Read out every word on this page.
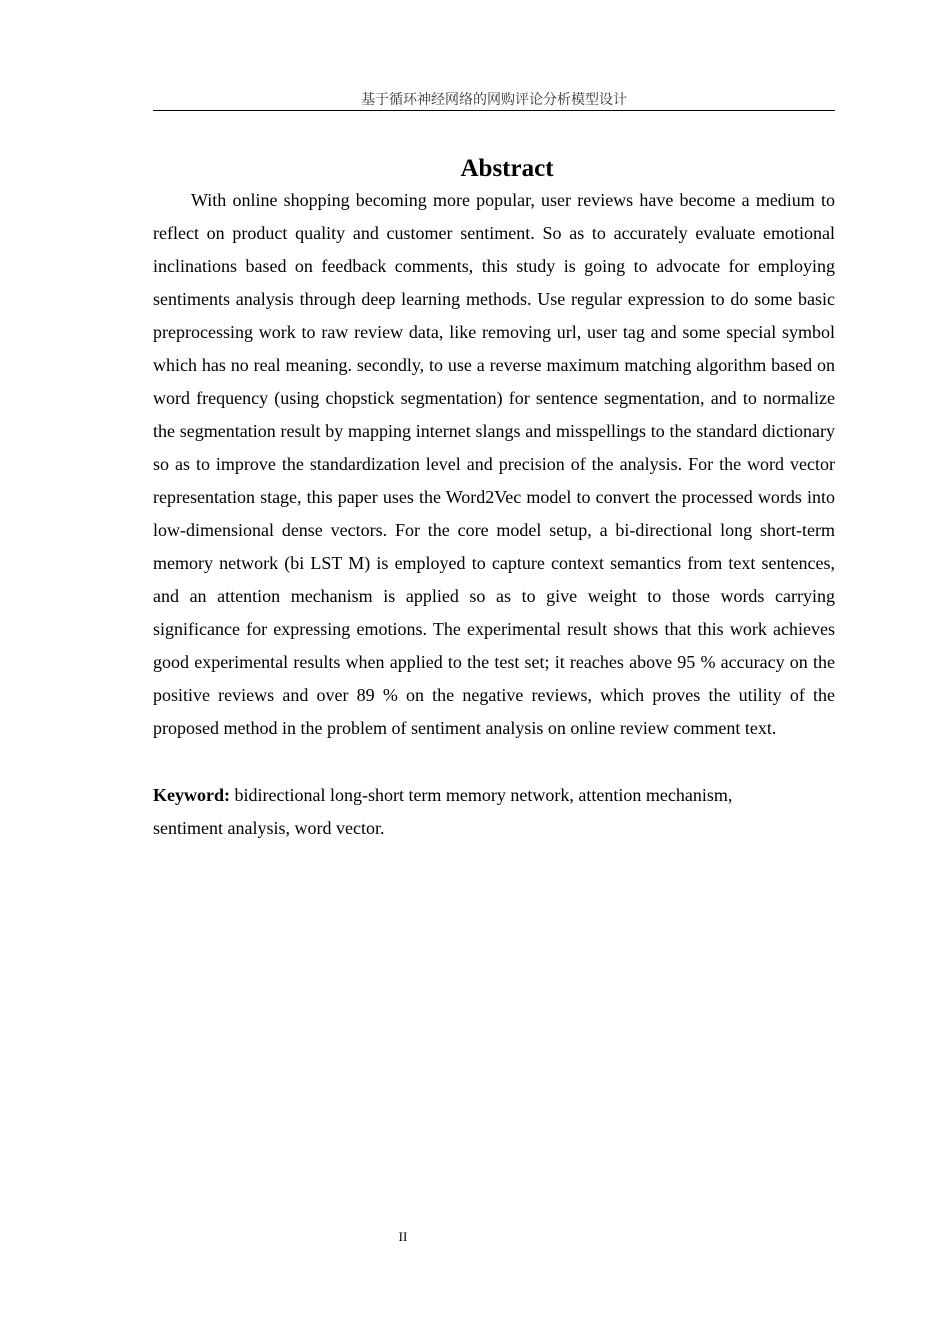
基于循环神经网络的网购评论分析模型设计
Abstract

With online shopping becoming more popular, user reviews have become a medium to reflect on product quality and customer sentiment. So as to accurately evaluate emotional inclinations based on feedback comments, this study is going to advocate for employing sentiments analysis through deep learning methods. Use regular expression to do some basic preprocessing work to raw review data, like removing url, user tag and some special symbol which has no real meaning. secondly, to use a reverse maximum matching algorithm based on word frequency (using chopstick segmentation) for sentence segmentation, and to normalize the segmentation result by mapping internet slangs and misspellings to the standard dictionary so as to improve the standardization level and precision of the analysis. For the word vector representation stage, this paper uses the Word2Vec model to convert the processed words into low-dimensional dense vectors. For the core model setup, a bi-directional long short-term memory network (bi LST M) is employed to capture context semantics from text sentences, and an attention mechanism is applied so as to give weight to those words carrying significance for expressing emotions. The experimental result shows that this work achieves good experimental results when applied to the test set; it reaches above 95 % accuracy on the positive reviews and over 89 % on the negative reviews, which proves the utility of the proposed method in the problem of sentiment analysis on online review comment text.

Keyword: bidirectional long-short term memory network, attention mechanism, sentiment analysis, word vector.

II
